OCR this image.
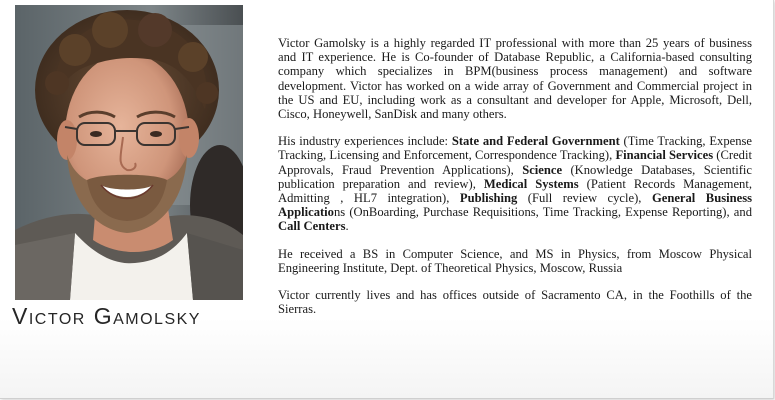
Victor Gamolsky

Victor Gamolsky is a highly regarded IT professional with more than 25 years of business and IT experience. He is Co-founder of Database Republic, a California-based consulting company which specializes in BPM(business process management) and software development. Victor has worked on a wide array of Government and Commercial project in the US and EU, including work as a consultant and developer for Apple, Microsoft, Dell, Cisco, Honeywell, SanDisk and many others.

His industry experiences include: State and Federal Government (Time Tracking, Expense Tracking, Licensing and Enforcement, Correspondence Tracking), Financial Services (Credit Approvals, Fraud Prevention Applications), Science (Knowledge Databases, Scientific publication preparation and review), Medical Systems (Patient Records Management, Admitting , HL7 integration), Publishing (Full review cycle), General Business Applications (OnBoarding, Purchase Requisitions, Time Tracking, Expense Reporting), and Call Centers.

He received a BS in Computer Science, and MS in Physics, from Moscow Physical Engineering Institute, Dept. of Theoretical Physics, Moscow, Russia

Victor currently lives and has offices outside of Sacramento CA, in the Foothills of the Sierras.
